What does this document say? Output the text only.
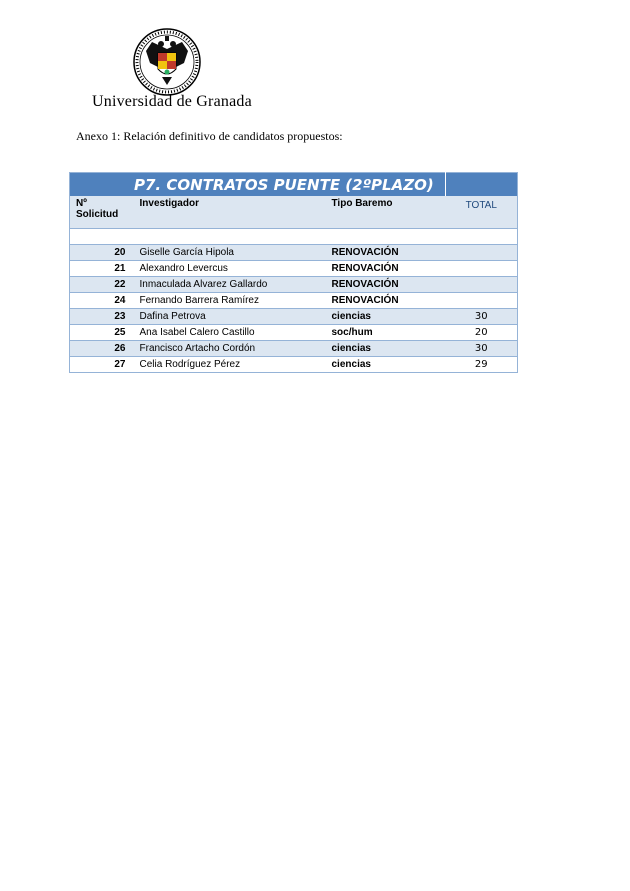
Universidad de Granada
Anexo 1: Relación definitivo de candidatos propuestos:
P7. CONTRATOS PUENTE (2ºPLAZO)			
Nº
Solicitud	Investigador	Tipo Baremo	TOTAL

20	Giselle García Hipola	RENOVACIÓN	
21	Alexandro Levercus	RENOVACIÓN	
22	Inmaculada Alvarez Gallardo	RENOVACIÓN	
24	Fernando Barrera Ramírez	RENOVACIÓN	
23	Dafina Petrova	ciencias	30
25	Ana Isabel Calero Castillo	soc/hum	20
26	Francisco Artacho Cordón	ciencias	30
27	Celia Rodríguez Pérez	ciencias	29
